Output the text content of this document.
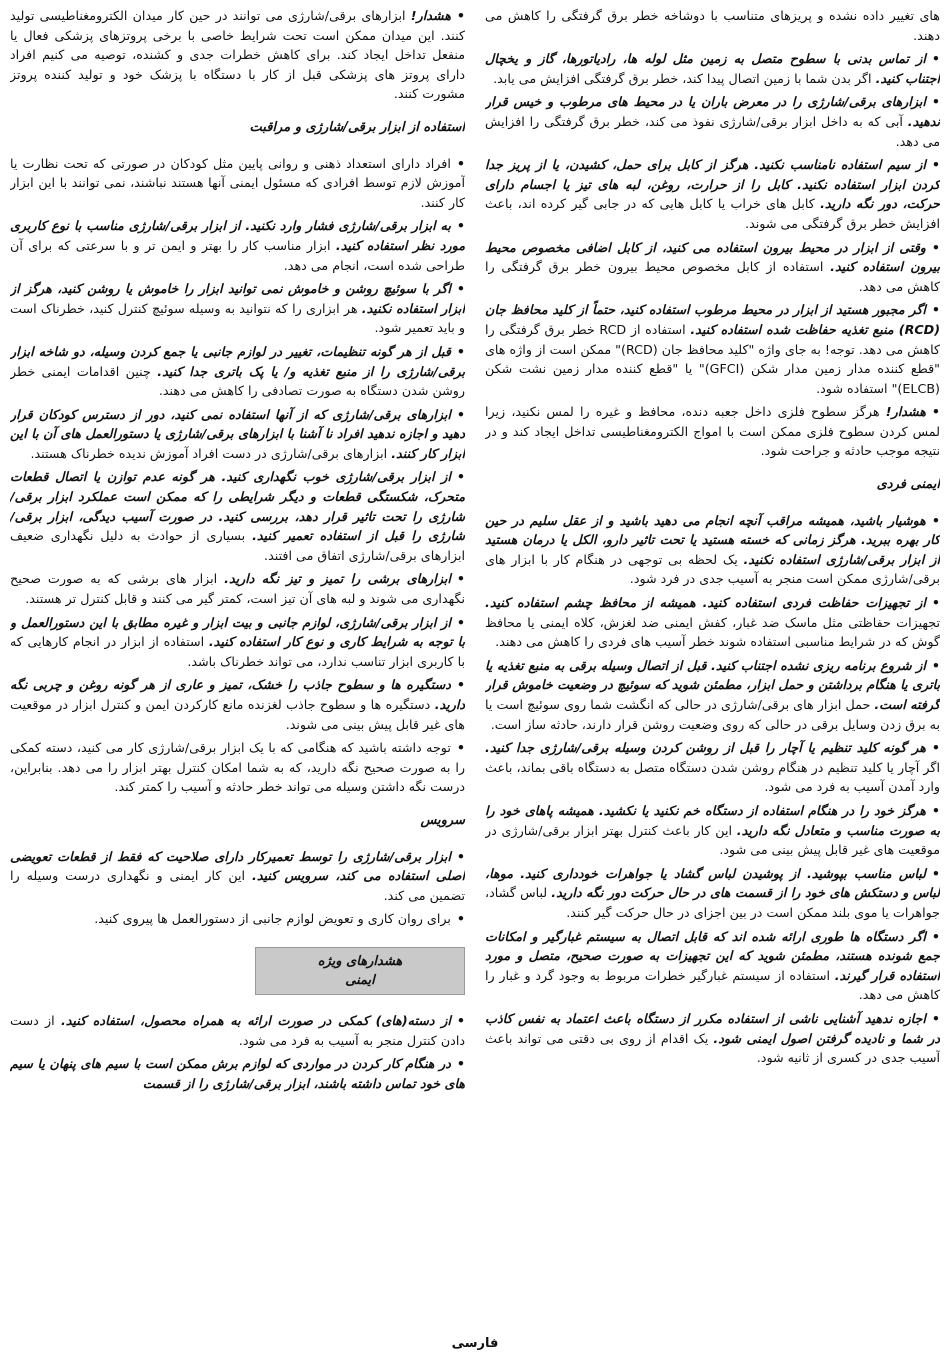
های تغییر داده نشده و پریزهای متناسب با دوشاخه خطر برق گرفتگی را کاهش می دهند.

• از تماس بدنی با سطوح متصل به زمین مثل لوله ها، رادیاتورها، گاز و یخچال اجتناب کنید. اگر بدن شما با زمین اتصال پیدا کند، خطر برق گرفتگی افزایش می یابد.

• ابزارهای برقی/شارژی را در معرض باران یا در محیط های مرطوب و خیس قرار ندهید. آبی که به داخل ابزار برقی/شارژی نفوذ می کند، خطر برق گرفتگی را افزایش می دهد.

• از سیم استفاده نامناسب نکنید. هرگز از کابل برای حمل، کشیدن، یا از پریز جدا کردن ابزار استفاده نکنید. کابل را از حرارت، روغن، لبه های تیز یا اجسام دارای حرکت، دور نگه دارید. کابل های خراب یا کابل هایی که در جابی گیر کرده اند، باعث افزایش خطر برق گرفتگی می شوند.

• وقتی از ابزار در محیط بیرون استفاده می کنید، از کابل اضافی مخصوص محیط بیرون استفاده کنید. استفاده از کابل مخصوص محیط بیرون خطر برق گرفتگی را کاهش می دهد.

• اگر مجبور هستید از ابزار در محیط مرطوب استفاده کنید، حتماً از کلید محافظ جان (RCD) منبع تغذیه حفاظت شده استفاده کنید. استفاده از RCD خطر برق گرفتگی را کاهش می دهد. توجه! به جای واژه "کلید محافظ جان (RCD)" ممکن است از واژه های "قطع کننده مدار زمین مدار شکن (GFCI)" یا "قطع کننده مدار زمین نشت شکن (ELCB)" استفاده شود.

• هشدار! هرگز سطوح فلزی داخل جعبه دنده، محافظ و غیره را لمس نکنید، زیرا لمس کردن سطوح فلزی ممکن است با امواج الکترومغناطیسی تداخل ایجاد کند و در نتیجه موجب حادثه و جراحت شود.

ایمنی فردی

• هوشیار باشید، همیشه مراقب آنچه انجام می دهید باشید و از عقل سلیم در حین کار بهره ببرید. هرگز زمانی که خسته هستید یا تحت تاثیر دارو، الکل یا درمان هستید از ابزار برقی/شارژی استفاده نکنید. یک لحظه بی توجهی در هنگام کار با ابزار های برقی/شارژی ممکن است منجر به آسیب جدی در فرد شود.

• از تجهیزات حفاظت فردی استفاده کنید. همیشه از محافظ چشم استفاده کنید. تجهیزات حفاظتی مثل ماسک ضد غبار، کفش ایمنی ضد لغزش، کلاه ایمنی یا محافظ گوش که در شرایط مناسبی استفاده شوند خطر آسیب های فردی را کاهش می دهند.

• از شروع برنامه ریزی نشده اجتناب کنید. قبل از اتصال وسیله برقی به منبع تغذیه یا باتری یا هنگام برداشتن و حمل ابزار، مطمئن شوید که سوئیچ در وضعیت خاموش قرار گرفته است. حمل ابزار های برقی/شارژی در حالی که انگشت شما روی سوئیچ است یا به برق زدن وسایل برقی در حالی که روی وضعیت روشن قرار دارند، حادثه ساز است.

• هر گونه کلید تنظیم یا آچار را قبل از روشن کردن وسیله برقی/شارژی جدا کنید. اگر آچار یا کلید تنظیم در هنگام روشن شدن دستگاه متصل به دستگاه باقی بماند، باعث وارد آمدن آسیب به فرد می شود.

• هرگز خود را در هنگام استفاده از دستگاه خم نکنید یا نکشید. همیشه پاهای خود را به صورت مناسب و متعادل نگه دارید. این کار باعث کنترل بهتر ابزار برقی/شارژی در موقعیت های غیر قابل پیش بینی می شود.

• لباس مناسب بپوشید. از پوشیدن لباس گشاد یا جواهرات خودداری کنید. موها، لباس و دستکش های خود را از قسمت های در حال حرکت دور نگه دارید. لباس گشاد، جواهرات یا موی بلند ممکن است در بین اجزای در حال حرکت گیر کنند.

• اگر دستگاه ها طوری ارائه شده اند که قابل اتصال به سیستم غبارگیر و امکانات جمع شونده هستند، مطمئن شوید که این تجهیزات به صورت صحیح، متصل و مورد استفاده قرار گیرند. استفاده از سیستم غبارگیر خطرات مربوط به وجود گرد و غبار را کاهش می دهد.

• اجازه ندهید آشنایی ناشی از استفاده مکرر از دستگاه باعث اعتماد به نفس کاذب در شما و نادیده گرفتن اصول ایمنی شود. یک اقدام از روی بی دقتی می تواند باعث آسیب جدی در کسری از ثانیه شود.

• هشدار! ابزارهای برقی/شارژی می توانند در حین کار میدان الکترومغناطیسی تولید کنند. این میدان ممکن است تحت شرایط خاصی با برخی پروتزهای پزشکی فعال یا منفعل تداخل ایجاد کند. برای کاهش خطرات جدی و کشنده، توصیه می کنیم افراد دارای پروتز های پزشکی قبل از کار با دستگاه با پزشک خود و تولید کننده پروتز مشورت کنند.

استفاده از ابزار برقی/شارژی و مراقبت

• افراد دارای استعداد ذهنی و روانی پایین مثل کودکان در صورتی که تحت نظارت یا آموزش لازم توسط افرادی که مسئول ایمنی آنها هستند نباشند، نمی توانند با این ابزار کار کنند.

• به ابزار برقی/شارژی فشار وارد نکنید. از ابزار برقی/شارژی مناسب با نوع کاربری مورد نظر استفاده کنید. ابزار مناسب کار را بهتر و ایمن تر و با سرعتی که برای آن طراحی شده است، انجام می دهد.

• اگر با سوئیچ روشن و خاموش نمی توانید ابزار را خاموش یا روشن کنید، هرگز از ابزار استفاده نکنید. هر ابزاری را که نتوانید به وسیله سوئیچ کنترل کنید، خطرناک است و باید تعمیر شود.

• قبل از هر گونه تنظیمات، تغییر در لوازم جانبی یا جمع کردن وسیله، دو شاخه ابزار برقی/شارژی را از منبع تغذیه و/ یا پک باتری جدا کنید. چنین اقدامات ایمنی خطر روشن شدن دستگاه به صورت تصادفی را کاهش می دهند.

• ابزارهای برقی/شارژی که از آنها استفاده نمی کنید، دور از دسترس کودکان قرار دهید و اجازه ندهید افراد نا آشنا با ابزارهای برقی/شارژی یا دستورالعمل های آن با این ابزار کار کنند. ابزارهای برقی/شارژی در دست افراد آموزش ندیده خطرناک هستند.

• از ابزار برقی/شارژی خوب نگهداری کنید. هر گونه عدم توازن یا اتصال قطعات متحرک، شکستگی قطعات و دیگر شرایطی را که ممکن است عملکرد ابزار برقی/شارژی را تحت تاثیر قرار دهد، بررسی کنید. در صورت آسیب دیدگی، ابزار برقی/شارژی را قبل از استفاده تعمیر کنید. بسیاری از حوادث به دلیل نگهداری ضعیف ابزارهای برقی/شارژی اتفاق می افتند.

• ابزارهای برشی را تمیز و تیز نگه دارید. ابزار های برشی که به صورت صحیح نگهداری می شوند و لبه های آن تیز است، کمتر گیر می کنند و قابل کنترل تر هستند.

• از ابزار برقی/شارژی، لوازم جانبی و بیت ابزار و غیره مطابق با این دستورالعمل و با توجه به شرایط کاری و نوع کار استفاده کنید. استفاده از ابزار در انجام کارهایی که با کاربری ابزار تناسب ندارد، می تواند خطرناک باشد.

• دستگیره ها و سطوح جاذب را خشک، تمیز و عاری از هر گونه روغن و چربی نگه دارید. دستگیره ها و سطوح جاذب لغزنده مانع کارکردن ایمن و کنترل ابزار در موقعیت های غیر قابل پیش بینی می شوند.

• توجه داشته باشید که هنگامی که با یک ابزار برقی/شارژی کار می کنید، دسته کمکی را به صورت صحیح نگه دارید، که به شما امکان کنترل بهتر ابزار را می دهد. بنابراین، درست نگه داشتن وسیله می تواند خطر حادثه و آسیب را کمتر کند.

سرویس

• ابزار برقی/شارژی را توسط تعمیرکار دارای صلاحیت که فقط از قطعات تعویضی اصلی استفاده می کند، سرویس کنید. این کار ایمنی و نگهداری درست وسیله را تضمین می کند.

• برای روان کاری و تعویض لوازم جانبی از دستورالعمل ها پیروی کنید.

هشدارهای ویژه
ایمنی

• از دسته(های) کمکی در صورت ارائه به همراه محصول، استفاده کنید. از دست دادن کنترل منجر به آسیب به فرد می شود.

• در هنگام کار کردن در مواردی که لوازم برش ممکن است با سیم های پنهان یا سیم های خود تماس داشته باشند، ابزار برقی/شارژی را از قسمت

فارسی
